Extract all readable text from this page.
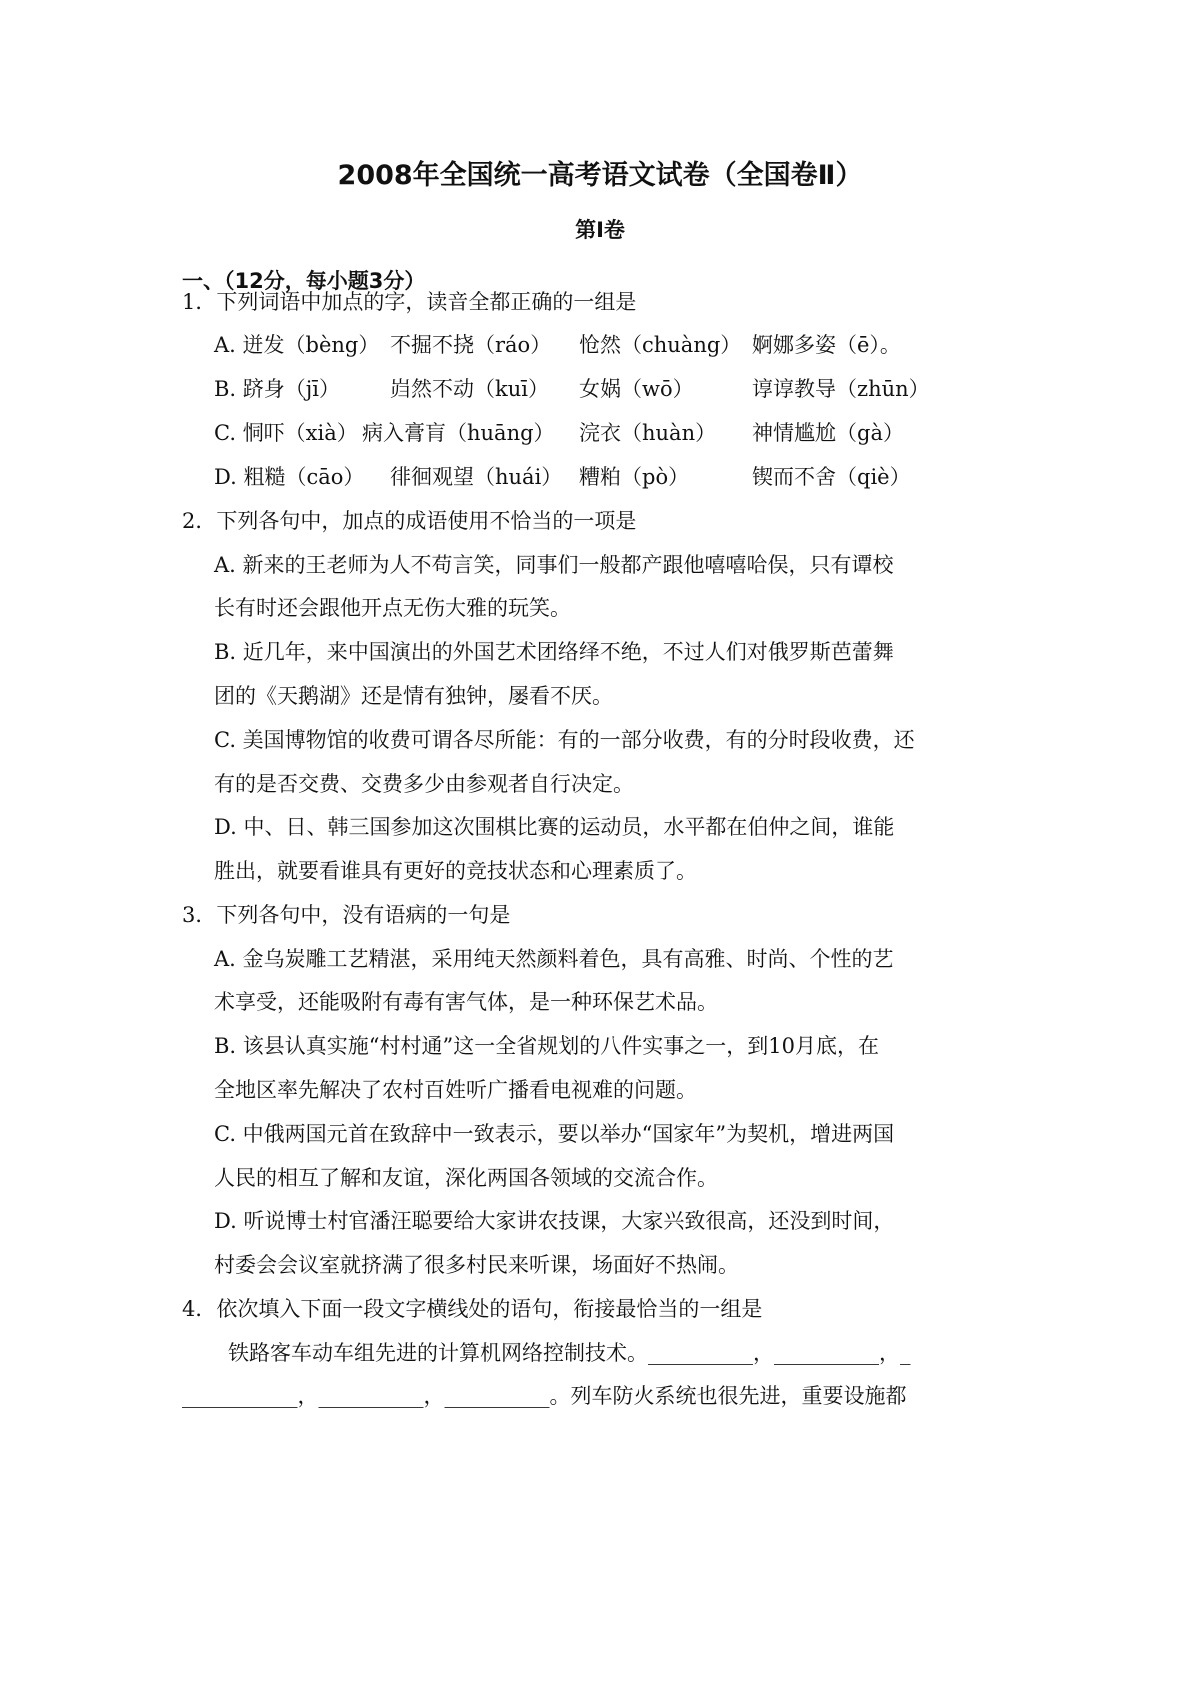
2008年全国统一高考语文试卷（全国卷Ⅱ）
第Ⅰ卷
一、（12分，每小题3分）
1．下列词语中加点的字，读音全都正确的一组是
A. 迸发（bèng） 不掘不挠（ráo） 怆然（chuàng） 婀娜多姿（ē）。
B. 跻身（jī） 岿然不动（kuī） 女娲（wō）	谆谆教导（zhūn）
C. 恫吓（xià） 病入膏肓（huāng） 浣衣（huàn） 神情尴尬（gà）
D. 粗糙（cāo） 徘徊观望（huái） 糟粕（pò）	锲而不舍（qiè）
2．下列各句中，加点的成语使用不恰当的一项是
A. 新来的王老师为人不苟言笑，同事们一般都产跟他嘻嘻哈俣，只有谭校
长有时还会跟他开点无伤大雅的玩笑。
B. 近几年，来中国演出的外国艺术团络绎不绝，不过人们对俄罗斯芭蕾舞
团的《天鹅湖》还是情有独钟，屡看不厌。
C. 美国博物馆的收费可谓各尽所能：有的一部分收费，有的分时段收费，还
有的是否交费、交费多少由参观者自行决定。
D. 中、日、韩三国参加这次围棋比赛的运动员，水平都在伯仲之间，谁能
胜出，就要看谁具有更好的竞技状态和心理素质了。
3．下列各句中，没有语病的一句是
A. 金乌炭雕工艺精湛，采用纯天然颜料着色，具有高雅、时尚、个性的艺
术享受，还能吸附有毒有害气体，是一种环保艺术品。
B. 该县认真实施“村村通”这一全省规划的八件实事之一，到10月底，在
全地区率先解决了农村百姓听广播看电视难的问题。
C. 中俄两国元首在致辞中一致表示，要以举办“国家年”为契机，增进两国
人民的相互了解和友谊，深化两国各领域的交流合作。
D. 听说博士村官潘汪聪要给大家讲农技课，大家兴致很高，还没到时间，
村委会会议室就挤满了很多村民来听课，场面好不热闹。
4．依次填入下面一段文字横线处的语句，衔接最恰当的一组是
铁路客车动车组先进的计算机网络控制技术。__________，__________，_
___________，__________，__________。列车防火系统也很先进，重要设施都
